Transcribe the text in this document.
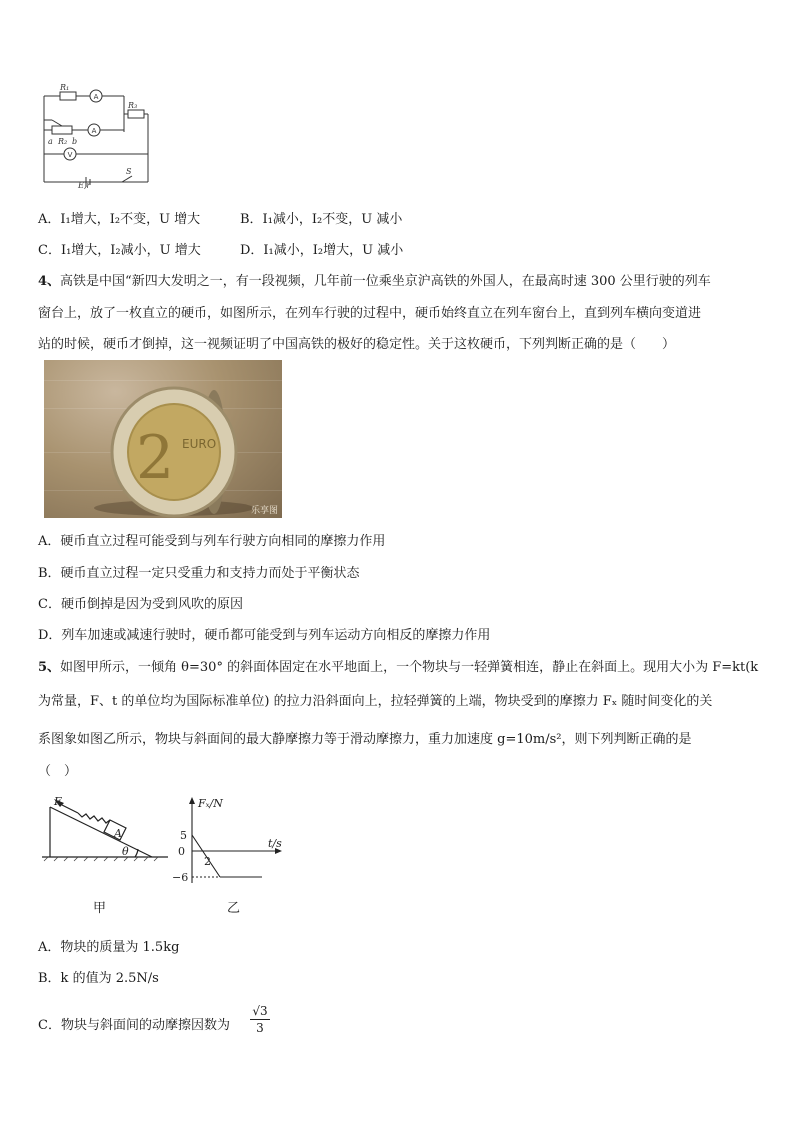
R₁
R₃
a R₂ b
E,r
S
A
A
V
A．I₁增大，I₂不变，U 增大	B．I₁减小，I₂不变，U 减小
C．I₁增大，I₂减小，U 增大	D．I₁减小，I₂增大，U 减小
4、高铁是中国“新四大发明之一，有一段视频，几年前一位乘坐京沪高铁的外国人，在最高时速 300 公里行驶的列车
窗台上，放了一枚直立的硬币，如图所示，在列车行驶的过程中，硬币始终直立在列车窗台上，直到列车横向变道进
站的时候，硬币才倒掉，这一视频证明了中国高铁的极好的稳定性。关于这枚硬币，下列判断正确的是（　　）
2 EURO
乐享图
A．硬币直立过程可能受到与列车行驶方向相同的摩擦力作用
B．硬币直立过程一定只受重力和支持力而处于平衡状态
C．硬币倒掉是因为受到风吹的原因
D．列车加速或减速行驶时，硬币都可能受到与列车运动方向相反的摩擦力作用
5、如图甲所示，一倾角 θ=30° 的斜面体固定在水平地面上，一个物块与一轻弹簧相连，静止在斜面上。现用大小为 F=kt(k
为常量，F、t 的单位均为国际标准单位) 的拉力沿斜面向上，拉轻弹簧的上端，物块受到的摩擦力 Fₓ 随时间变化的关
系图象如图乙所示，物块与斜面间的最大静摩擦力等于滑动摩擦力，重力加速度 g=10m/s²，则下列判断正确的是
（　）
F
A
θ
甲
Fₓ/N
t/s
5
0
−6
2
乙
A．物块的质量为 1.5kg
B．k 的值为 2.5N/s
C．物块与斜面间的动摩擦因数为 $\frac{√3}{3}$
